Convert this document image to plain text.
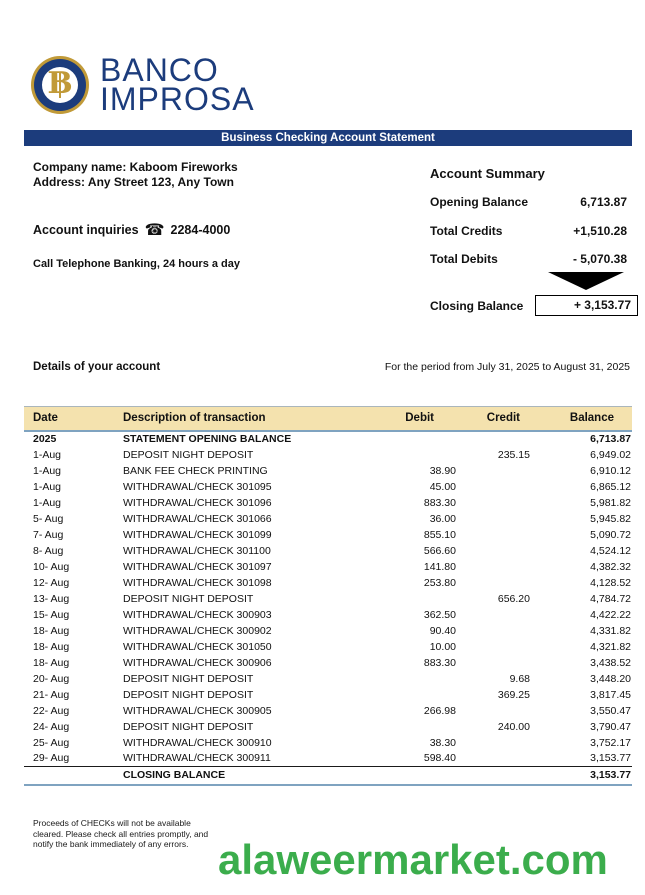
B BANCO
IMPROSA
Business Checking Account Statement
Company name: Kaboom Fireworks
Address: Any Street 123, Any Town
Account inquiries ☎ 2284-4000
Call Telephone Banking, 24 hours a day
Account Summary
Opening Balance	6,713.87
Total Credits	+1,510.28
Total Debits	- 5,070.38
Closing Balance	+ 3,153.77
Details of your account	For the period from July 31, 2025 to August 31, 2025
Date	Description of transaction	Debit	Credit	Balance
2025	STATEMENT OPENING BALANCE			6,713.87
1-Aug	DEPOSIT NIGHT DEPOSIT		235.15	6,949.02
1-Aug	BANK FEE CHECK PRINTING	38.90		6,910.12
1-Aug	WITHDRAWAL/CHECK 301095	45.00		6,865.12
1-Aug	WITHDRAWAL/CHECK 301096	883.30		5,981.82
5- Aug	WITHDRAWAL/CHECK 301066	36.00		5,945.82
7- Aug	WITHDRAWAL/CHECK 301099	855.10		5,090.72
8- Aug	WITHDRAWAL/CHECK 301100	566.60		4,524.12
10- Aug	WITHDRAWAL/CHECK 301097	141.80		4,382.32
12- Aug	WITHDRAWAL/CHECK 301098	253.80		4,128.52
13- Aug	DEPOSIT NIGHT DEPOSIT		656.20	4,784.72
15- Aug	WITHDRAWAL/CHECK 300903	362.50		4,422.22
18- Aug	WITHDRAWAL/CHECK 300902	90.40		4,331.82
18- Aug	WITHDRAWAL/CHECK 301050	10.00		4,321.82
18- Aug	WITHDRAWAL/CHECK 300906	883.30		3,438.52
20- Aug	DEPOSIT NIGHT DEPOSIT		9.68	3,448.20
21- Aug	DEPOSIT NIGHT DEPOSIT		369.25	3,817.45
22- Aug	WITHDRAWAL/CHECK 300905	266.98		3,550.47
24- Aug	DEPOSIT NIGHT DEPOSIT		240.00	3,790.47
25- Aug	WITHDRAWAL/CHECK 300910	38.30		3,752.17
29- Aug	WITHDRAWAL/CHECK 300911	598.40		3,153.77
	CLOSING BALANCE			3,153.77
Proceeds of CHECKs will not be available
cleared. Please check all entries promptly, and
notify the bank immediately of any errors. alaweermarket.com
